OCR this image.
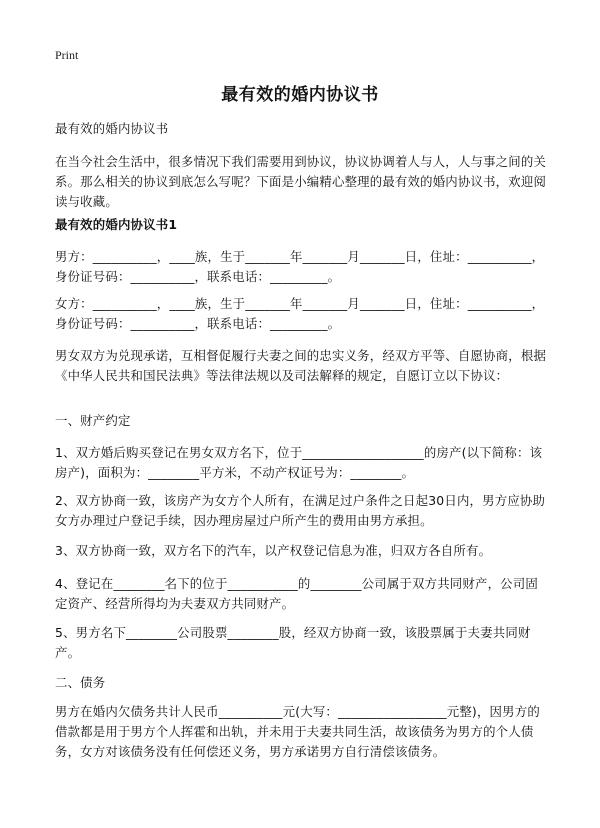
Print
最有效的婚内协议书
最有效的婚内协议书
在当今社会生活中，很多情况下我们需要用到协议，协议协调着人与人，人与事之间的关系。那么相关的协议到底怎么写呢？下面是小编精心整理的最有效的婚内协议书，欢迎阅读与收藏。
最有效的婚内协议书1
男方：__________，____族，生于_______年_______月_______日，住址：__________，身份证号码：__________，联系电话：_________。
女方：__________，____族，生于_______年_______月_______日，住址：__________，身份证号码：__________，联系电话：_________。
男女双方为兑现承诺，互相督促履行夫妻之间的忠实义务，经双方平等、自愿协商，根据《中华人民共和国民法典》等法律法规以及司法解释的规定，自愿订立以下协议：
一、财产约定
1、双方婚后购买登记在男女双方名下，位于___________________的房产(以下简称：该房产)，面积为：________平方米，不动产权证号为：________。
2、双方协商一致，该房产为女方个人所有，在满足过户条件之日起30日内，男方应协助女方办理过户登记手续，因办理房屋过户所产生的费用由男方承担。
3、双方协商一致，双方名下的汽车，以产权登记信息为准，归双方各自所有。
4、登记在________名下的位于___________的________公司属于双方共同财产，公司固定资产、经营所得均为夫妻双方共同财产。
5、男方名下________公司股票________股，经双方协商一致，该股票属于夫妻共同财产。
二、债务
男方在婚内欠债务共计人民币__________元(大写：_________________元整)，因男方的借款都是用于男方个人挥霍和出轨，并未用于夫妻共同生活，故该债务为男方的个人债务，女方对该债务没有任何偿还义务，男方承诺男方自行清偿该债务。
